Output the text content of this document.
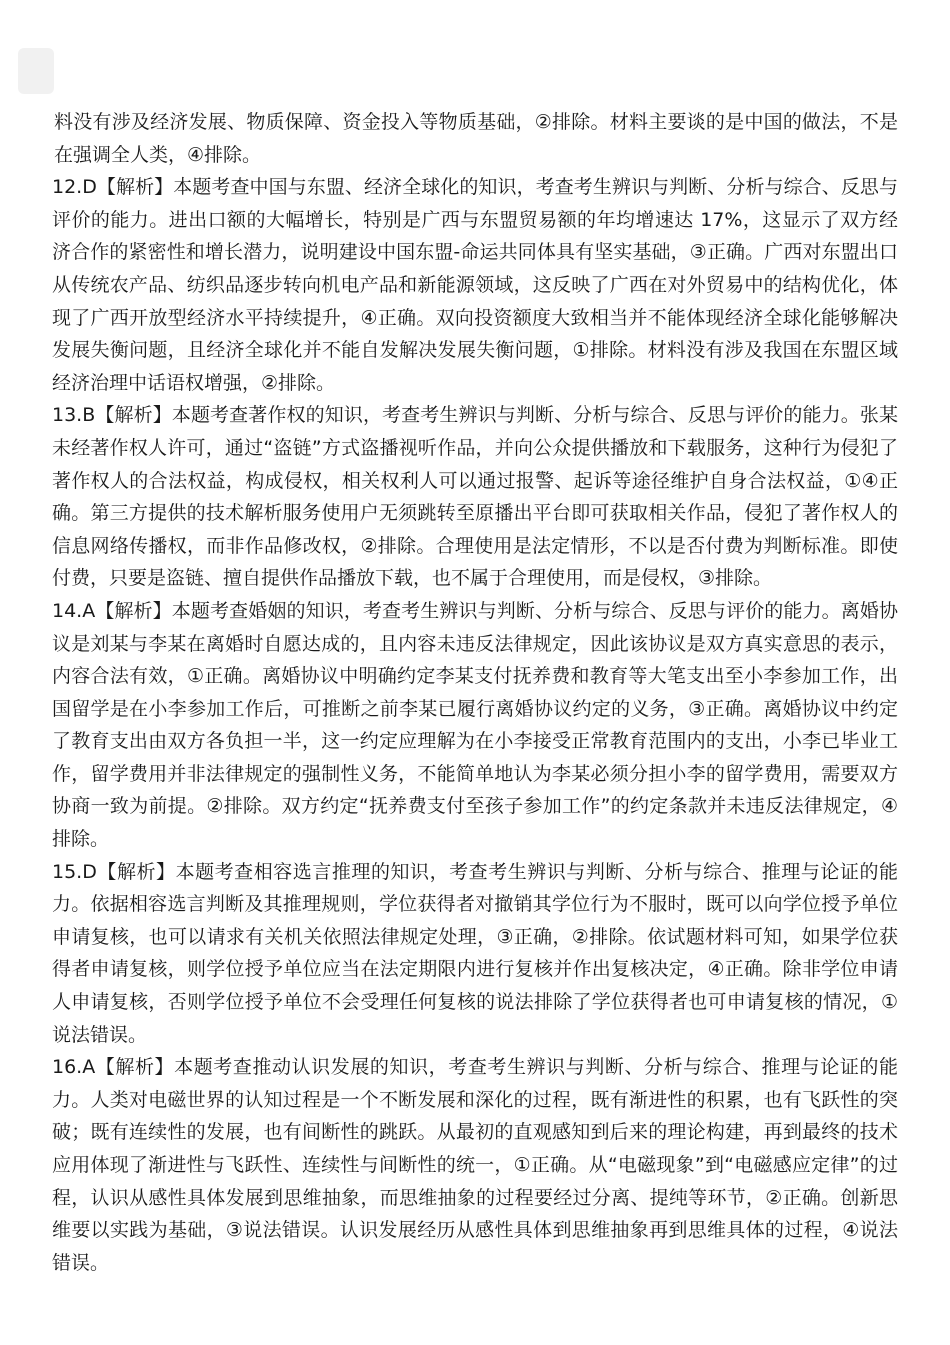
料没有涉及经济发展、物质保障、资金投入等物质基础，②排除。材料主要谈的是中国的做法，不是在强调全人类，④排除。

12.D【解析】本题考查中国与东盟、经济全球化的知识，考查考生辨识与判断、分析与综合、反思与评价的能力。进出口额的大幅增长，特别是广西与东盟贸易额的年均增速达 17%，这显示了双方经济合作的紧密性和增长潜力，说明建设中国东盟-命运共同体具有坚实基础，③正确。广西对东盟出口从传统农产品、纺织品逐步转向机电产品和新能源领域，这反映了广西在对外贸易中的结构优化，体现了广西开放型经济水平持续提升，④正确。双向投资额度大致相当并不能体现经济全球化能够解决发展失衡问题，且经济全球化并不能自发解决发展失衡问题，①排除。材料没有涉及我国在东盟区域经济治理中话语权增强，②排除。

13.B【解析】本题考查著作权的知识，考查考生辨识与判断、分析与综合、反思与评价的能力。张某未经著作权人许可，通过“盗链”方式盗播视听作品，并向公众提供播放和下载服务，这种行为侵犯了著作权人的合法权益，构成侵权，相关权利人可以通过报警、起诉等途径维护自身合法权益，①④正确。第三方提供的技术解析服务使用户无须跳转至原播出平台即可获取相关作品，侵犯了著作权人的信息网络传播权，而非作品修改权，②排除。合理使用是法定情形，不以是否付费为判断标准。即使付费，只要是盗链、擅自提供作品播放下载，也不属于合理使用，而是侵权，③排除。

14.A【解析】本题考查婚姻的知识，考查考生辨识与判断、分析与综合、反思与评价的能力。离婚协议是刘某与李某在离婚时自愿达成的，且内容未违反法律规定，因此该协议是双方真实意思的表示，内容合法有效，①正确。离婚协议中明确约定李某支付抚养费和教育等大笔支出至小李参加工作，出国留学是在小李参加工作后，可推断之前李某已履行离婚协议约定的义务，③正确。离婚协议中约定了教育支出由双方各负担一半，这一约定应理解为在小李接受正常教育范围内的支出，小李已毕业工作，留学费用并非法律规定的强制性义务，不能简单地认为李某必须分担小李的留学费用，需要双方协商一致为前提。②排除。双方约定“抚养费支付至孩子参加工作”的约定条款并未违反法律规定，④排除。

15.D【解析】本题考查相容选言推理的知识，考查考生辨识与判断、分析与综合、推理与论证的能力。依据相容选言判断及其推理规则，学位获得者对撤销其学位行为不服时，既可以向学位授予单位申请复核，也可以请求有关机关依照法律规定处理，③正确，②排除。依试题材料可知，如果学位获得者申请复核，则学位授予单位应当在法定期限内进行复核并作出复核决定，④正确。除非学位申请人申请复核，否则学位授予单位不会受理任何复核的说法排除了学位获得者也可申请复核的情况，①说法错误。

16.A【解析】本题考查推动认识发展的知识，考查考生辨识与判断、分析与综合、推理与论证的能力。人类对电磁世界的认知过程是一个不断发展和深化的过程，既有渐进性的积累，也有飞跃性的突破；既有连续性的发展，也有间断性的跳跃。从最初的直观感知到后来的理论构建，再到最终的技术应用体现了渐进性与飞跃性、连续性与间断性的统一，①正确。从“电磁现象”到“电磁感应定律”的过程，认识从感性具体发展到思维抽象，而思维抽象的过程要经过分离、提纯等环节，②正确。创新思维要以实践为基础，③说法错误。认识发展经历从感性具体到思维抽象再到思维具体的过程，④说法错误。
